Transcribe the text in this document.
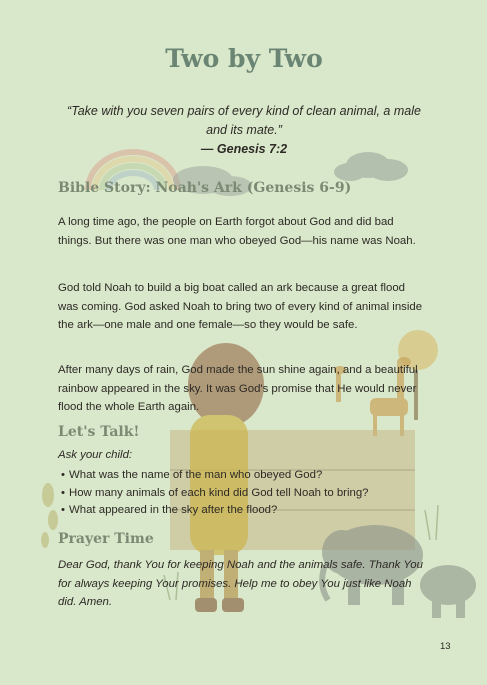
Two by Two

“Take with you seven pairs of every kind of clean animal, a male and its mate.”
— Genesis 7:2

Bible Story: Noah's Ark (Genesis 6-9)

A long time ago, the people on Earth forgot about God and did bad things. But there was one man who obeyed God—his name was Noah.

God told Noah to build a big boat called an ark because a great flood was coming. God asked Noah to bring two of every kind of animal inside the ark—one male and one female—so they would be safe.

After many days of rain, God made the sun shine again, and a beautiful rainbow appeared in the sky. It was God's promise that He would never flood the whole Earth again.

Let's Talk!

Ask your child:

• What was the name of the man who obeyed God?
• How many animals of each kind did God tell Noah to bring?
• What appeared in the sky after the flood?
Prayer Time

Dear God, thank You for keeping Noah and the animals safe. Thank You for always keeping Your promises. Help me to obey You just like Noah did. Amen.

13
